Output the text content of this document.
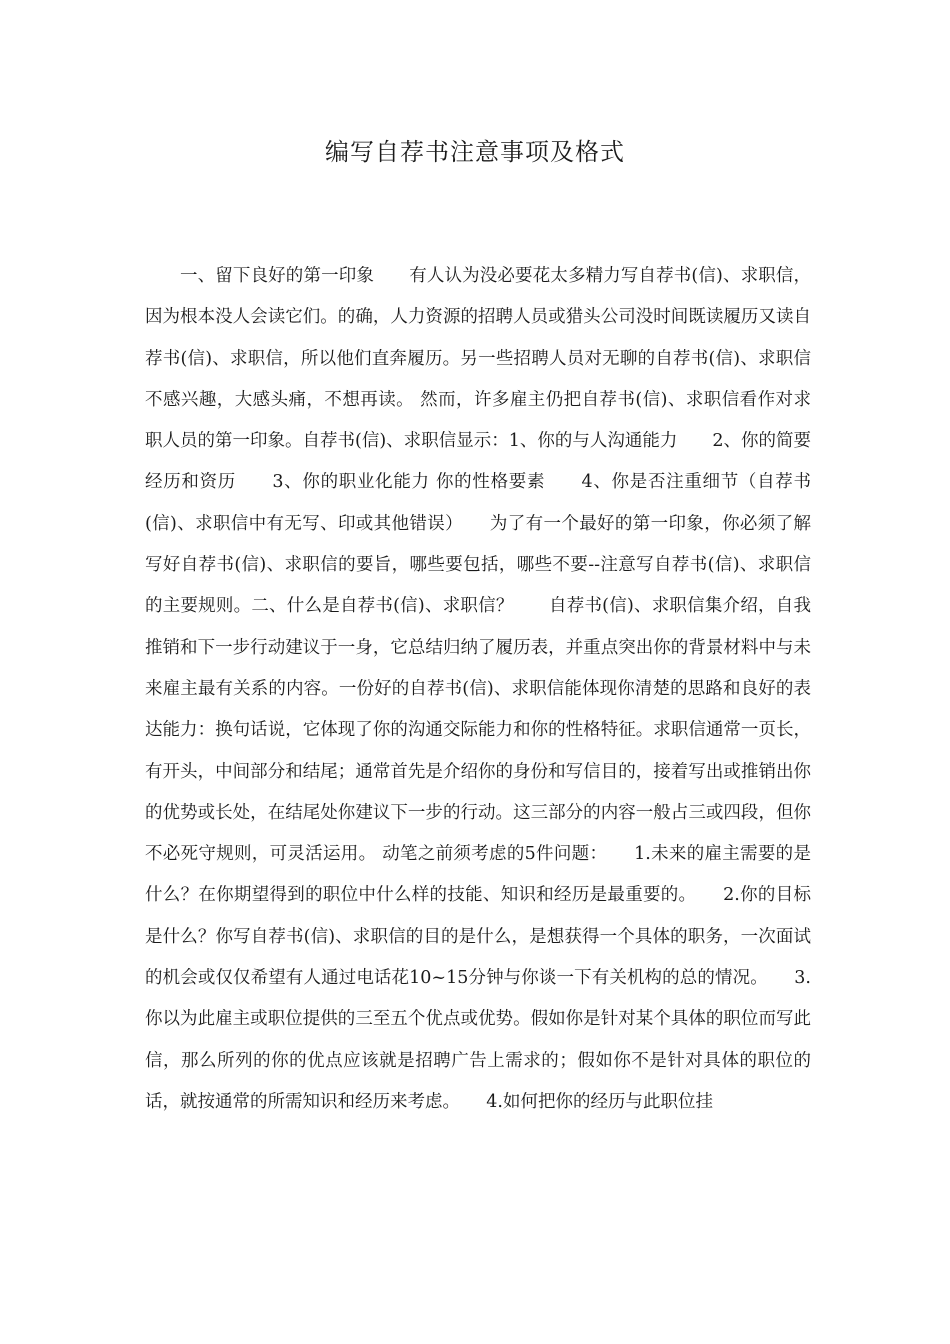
编写自荐书注意事项及格式

一、留下良好的第一印象　　有人认为没必要花太多精力写自荐书(信)、求职信，因为根本没人会读它们。的确，人力资源的招聘人员或猎头公司没时间既读履历又读自荐书(信)、求职信，所以他们直奔履历。另一些招聘人员对无聊的自荐书(信)、求职信不感兴趣，大感头痛，不想再读。 然而，许多雇主仍把自荐书(信)、求职信看作对求职人员的第一印象。自荐书(信)、求职信显示：1、你的与人沟通能力　　2、你的简要经历和资历　　3、你的职业化能力 你的性格要素　　4、你是否注重细节（自荐书(信)、求职信中有无写、印或其他错误）　　为了有一个最好的第一印象，你必须了解写好自荐书(信)、求职信的要旨，哪些要包括，哪些不要--注意写自荐书(信)、求职信的主要规则。二、什么是自荐书(信)、求职信？　　自荐书(信)、求职信集介绍，自我推销和下一步行动建议于一身，它总结归纳了履历表，并重点突出你的背景材料中与未来雇主最有关系的内容。一份好的自荐书(信)、求职信能体现你清楚的思路和良好的表达能力：换句话说，它体现了你的沟通交际能力和你的性格特征。求职信通常一页长，有开头，中间部分和结尾；通常首先是介绍你的身份和写信目的，接着写出或推销出你的优势或长处，在结尾处你建议下一步的行动。这三部分的内容一般占三或四段，但你不必死守规则，可灵活运用。 动笔之前须考虑的5件问题：　　1.未来的雇主需要的是什么？在你期望得到的职位中什么样的技能、知识和经历是最重要的。　　2.你的目标是什么？你写自荐书(信)、求职信的目的是什么，是想获得一个具体的职务，一次面试的机会或仅仅希望有人通过电话花10~15分钟与你谈一下有关机构的总的情况。　　3.你以为此雇主或职位提供的三至五个优点或优势。假如你是针对某个具体的职位而写此信，那么所列的你的优点应该就是招聘广告上需求的；假如你不是针对具体的职位的话，就按通常的所需知识和经历来考虑。　　4.如何把你的经历与此职位挂
